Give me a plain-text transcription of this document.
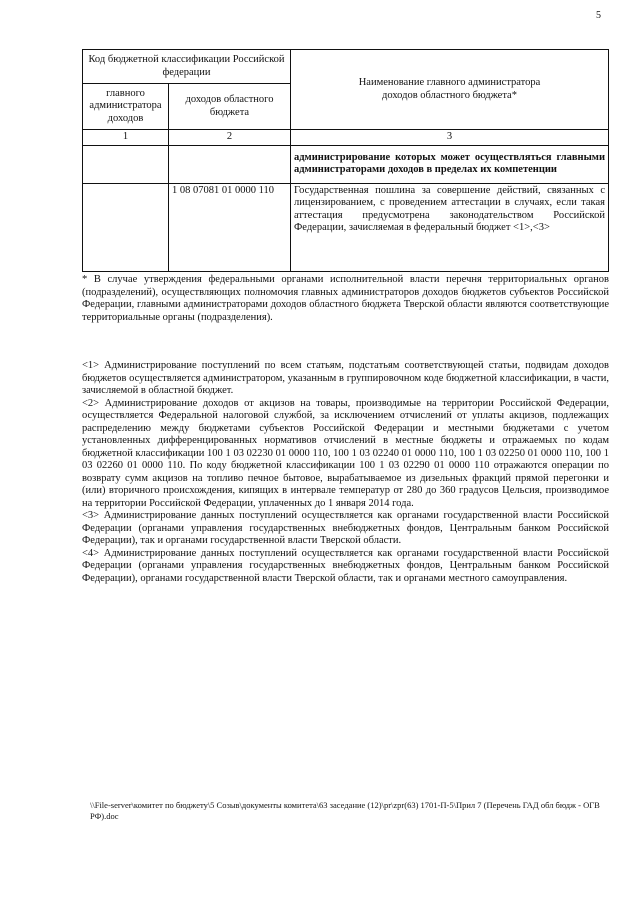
5
Код бюджетной классификации Российской федерации		Наименование главного администратора доходов областного бюджета*
главного администратора доходов	доходов областного бюджета	
1	2	3
		администрирование которых может осуществляться главными администраторами доходов в пределах их компетенции
	1 08 07081 01 0000 110	Государственная пошлина за совершение действий, связанных с лицензированием, с проведением аттестации в случаях, если такая аттестация предусмотрена законодательством Российской Федерации, зачисляемая в федеральный бюджет <1>,<3>

* В случае утверждения федеральными органами исполнительной власти перечня территориальных органов (подразделений), осуществляющих полномочия главных администраторов доходов бюджетов субъектов Российской Федерации, главными администраторами доходов областного бюджета Тверской области являются соответствующие территориальные органы (подразделения).

<1> Администрирование поступлений по всем статьям, подстатьям соответствующей статьи, подвидам доходов бюджетов осуществляется администратором, указанным в группировочном коде бюджетной классификации, в части, зачисляемой в областной бюджет.

<2> Администрирование доходов от акцизов на товары, производимые на территории Российской Федерации, осуществляется Федеральной налоговой службой, за исключением отчислений от уплаты акцизов, подлежащих распределению между бюджетами субъектов Российской Федерации и местными бюджетами с учетом установленных дифференцированных нормативов отчислений в местные бюджеты и отражаемых по кодам бюджетной классификации 100 1 03 02230 01 0000 110, 100 1 03 02240 01 0000 110, 100 1 03 02250 01 0000 110, 100 1 03 02260 01 0000 110. По коду бюджетной классификации 100 1 03 02290 01 0000 110 отражаются операции по возврату сумм акцизов на топливо печное бытовое, вырабатываемое из дизельных фракций прямой перегонки и (или) вторичного происхождения, кипящих в интервале температур от 280 до 360 градусов Цельсия, производимое на территории Российской Федерации, уплаченных до 1 января 2014 года.

<3> Администрирование данных поступлений осуществляется как органами государственной власти Российской Федерации (органами управления государственных внебюджетных фондов, Центральным банком Российской Федерации), так и органами государственной власти Тверской области.

<4> Администрирование данных поступлений осуществляется как органами государственной власти Российской Федерации (органами управления государственных внебюджетных фондов, Центральным банком Российской Федерации), органами государственной власти Тверской области, так и органами местного самоуправления.

\\File-server\комитет по бюджету\5 Созыв\документы комитета\63 заседание (12)\pr\zpr(63) 1701-П-5\Прил 7 (Перечень ГАД обл бюдж - ОГВ РФ).doc
